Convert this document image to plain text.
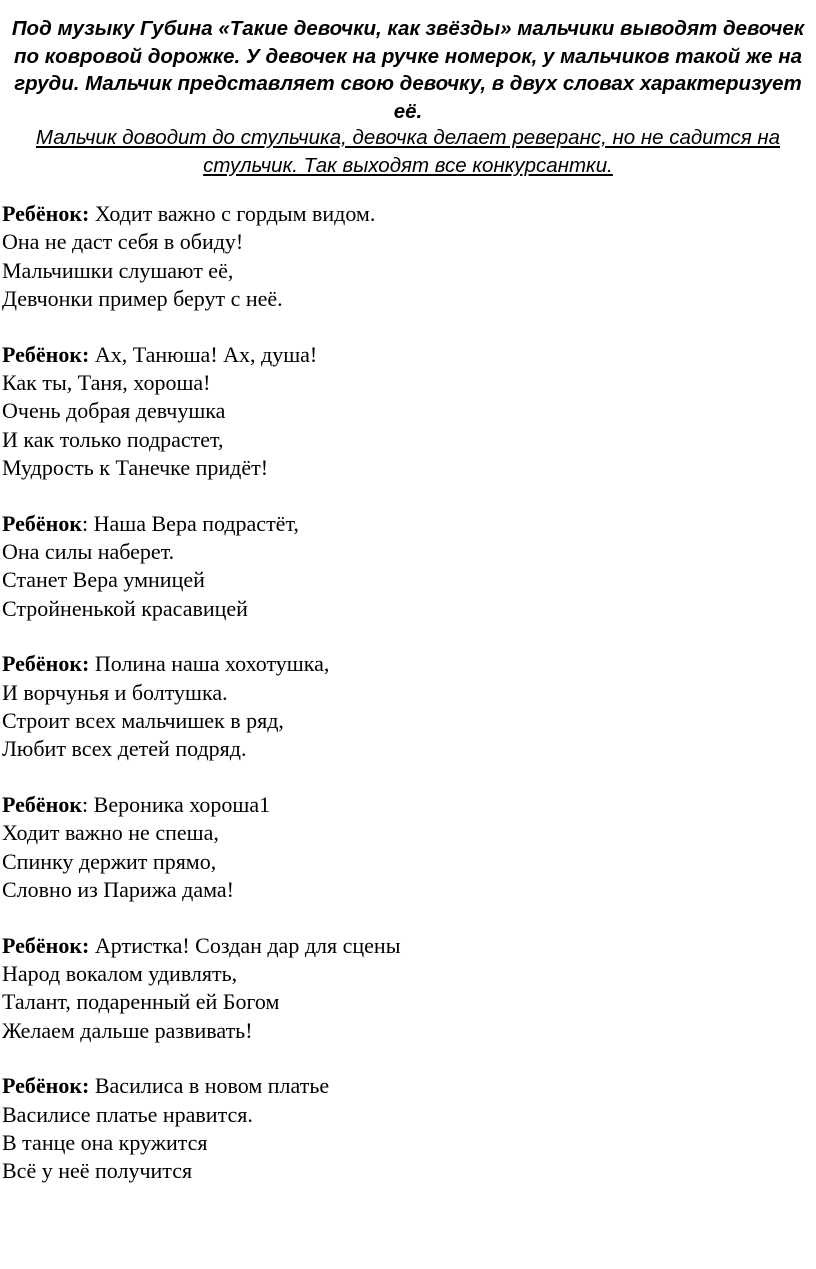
Под музыку Губина «Такие девочки, как звёзды» мальчики выводят девочек по ковровой дорожке. У девочек на ручке номерок, у мальчиков такой же на груди. Мальчик представляет свою девочку, в двух словах характеризует её.

Мальчик доводит до стульчика, девочка делает реверанс, но не садится на стульчик. Так выходят все конкурсантки.

Ребёнок: Ходит важно с гордым видом.
Она не даст себя в обиду!
Мальчишки слушают её,
Девчонки пример берут с неё.
Ребёнок: Ах, Танюша! Ах, душа!
Как ты, Таня, хороша!
Очень добрая девчушка
И как только подрастет,
Мудрость к Танечке придёт!
Ребёнок: Наша Вера подрастёт,
Она силы наберет.
Станет Вера умницей
Стройненькой красавицей
Ребёнок: Полина наша хохотушка,
И ворчунья и болтушка.
Строит всех мальчишек в ряд,
Любит всех детей подряд.
Ребёнок: Вероника хороша1
Ходит важно не спеша,
Спинку держит прямо,
Словно из Парижа дама!
Ребёнок: Артистка! Создан дар для сцены
Народ вокалом удивлять,
Талант, подаренный ей Богом
Желаем дальше развивать!
Ребёнок: Василиса в новом платье
Василисе платье нравится.
В танце она кружится
Всё у неё получится
